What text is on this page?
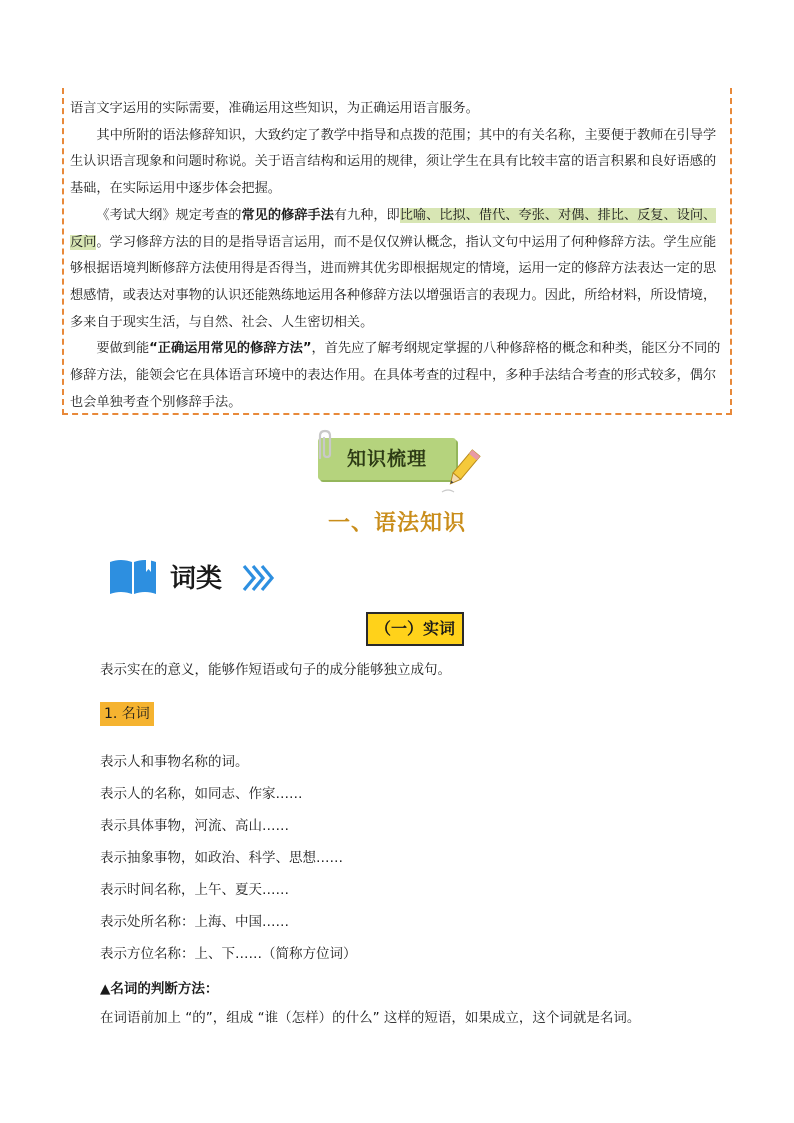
语言文字运用的实际需要，准确运用这些知识，为正确运用语言服务。

其中所附的语法修辞知识，大致约定了教学中指导和点拨的范围；其中的有关名称，主要便于教师在引导学生认识语言现象和问题时称说。关于语言结构和运用的规律，须让学生在具有比较丰富的语言积累和良好语感的基础，在实际运用中逐步体会把握。

《考试大纲》规定考查的常见的修辞手法有九种，即比喻、比拟、借代、夸张、对偶、排比、反复、设问、反问。学习修辞方法的目的是指导语言运用，而不是仅仅辨认概念，指认文句中运用了何种修辞方法。学生应能够根据语境判断修辞方法使用得是否得当，进而辨其优劣即根据规定的情境，运用一定的修辞方法表达一定的思想感情，或表达对事物的认识还能熟练地运用各种修辞方法以增强语言的表现力。因此，所给材料，所设情境，多来自于现实生活，与自然、社会、人生密切相关。

要做到能“正确运用常见的修辞方法”，首先应了解考纲规定掌握的八种修辞格的概念和种类，能区分不同的修辞方法，能领会它在具体语言环境中的表达作用。在具体考查的过程中，多种手法结合考查的形式较多，偶尔也会单独考查个别修辞手法。

知识梳理
一、语法知识
词类
（一）实词
表示实在的意义，能够作短语或句子的成分能够独立成句。
1. 名词
表示人和事物名称的词。
表示人的名称，如同志、作家……
表示具体事物，河流、高山……
表示抽象事物，如政治、科学、思想……
表示时间名称，上午、夏天……
表示处所名称：上海、中国……
表示方位名称：上、下……（简称方位词）
▲名词的判断方法：
在词语前加上 “的”，组成 “谁（怎样）的什么” 这样的短语，如果成立，这个词就是名词。
